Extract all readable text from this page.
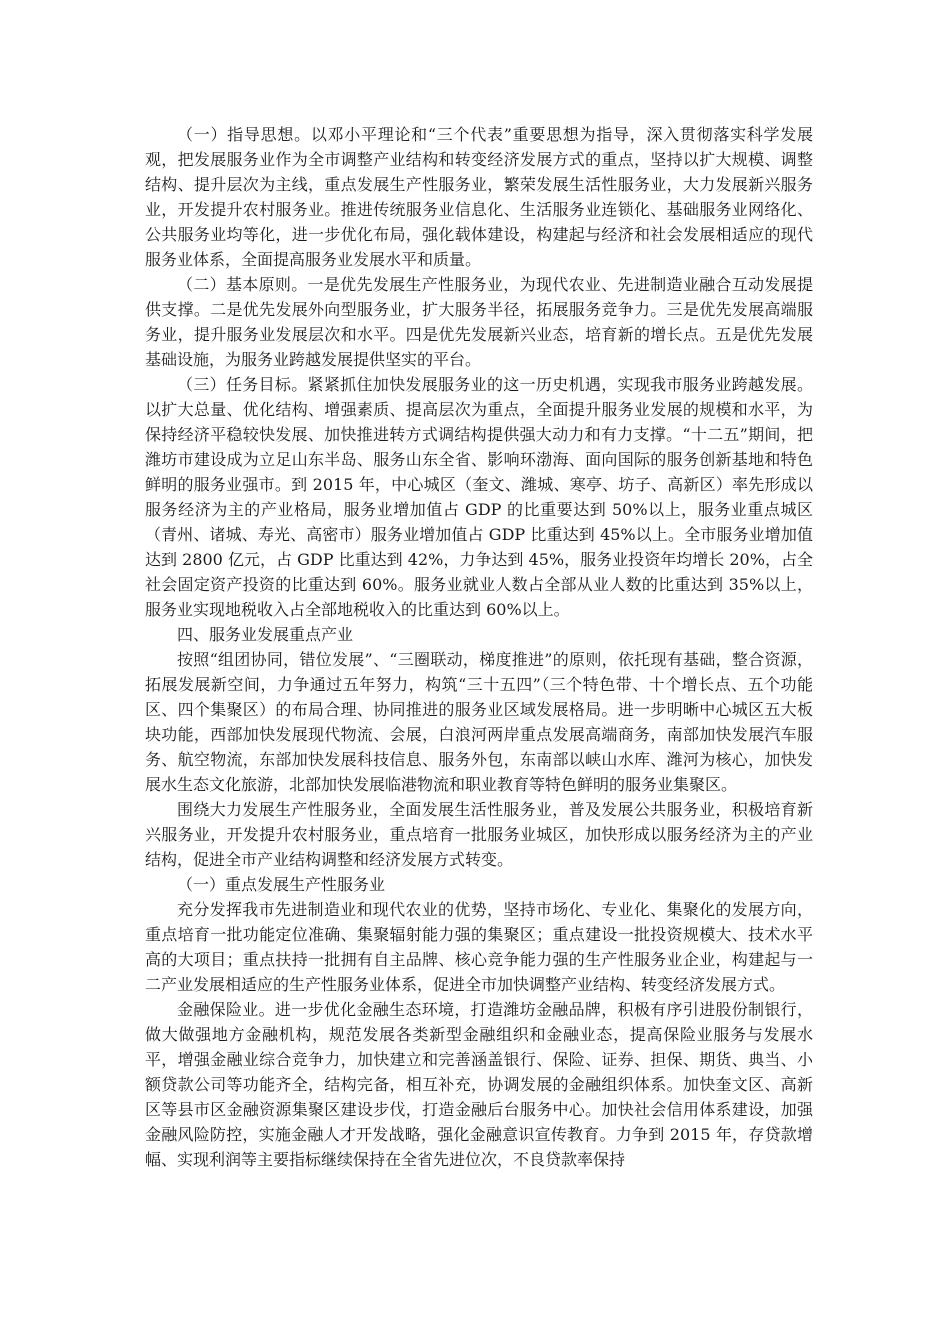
（一）指导思想。以邓小平理论和“三个代表”重要思想为指导，深入贯彻落实科学发展观，把发展服务业作为全市调整产业结构和转变经济发展方式的重点，坚持以扩大规模、调整结构、提升层次为主线，重点发展生产性服务业，繁荣发展生活性服务业，大力发展新兴服务业，开发提升农村服务业。推进传统服务业信息化、生活服务业连锁化、基础服务业网络化、公共服务业均等化，进一步优化布局，强化载体建设，构建起与经济和社会发展相适应的现代服务业体系，全面提高服务业发展水平和质量。

（二）基本原则。一是优先发展生产性服务业，为现代农业、先进制造业融合互动发展提供支撑。二是优先发展外向型服务业，扩大服务半径，拓展服务竞争力。三是优先发展高端服务业，提升服务业发展层次和水平。四是优先发展新兴业态，培育新的增长点。五是优先发展基础设施，为服务业跨越发展提供坚实的平台。

（三）任务目标。紧紧抓住加快发展服务业的这一历史机遇，实现我市服务业跨越发展。以扩大总量、优化结构、增强素质、提高层次为重点，全面提升服务业发展的规模和水平，为保持经济平稳较快发展、加快推进转方式调结构提供强大动力和有力支撑。“十二五”期间，把潍坊市建设成为立足山东半岛、服务山东全省、影响环渤海、面向国际的服务创新基地和特色鲜明的服务业强市。到 2015 年，中心城区（奎文、潍城、寒亭、坊子、高新区）率先形成以服务经济为主的产业格局，服务业增加值占 GDP 的比重要达到 50%以上，服务业重点城区（青州、诸城、寿光、高密市）服务业增加值占 GDP 比重达到 45%以上。全市服务业增加值达到 2800 亿元，占 GDP 比重达到 42%，力争达到 45%，服务业投资年均增长 20%，占全社会固定资产投资的比重达到 60%。服务业就业人数占全部从业人数的比重达到 35%以上，服务业实现地税收入占全部地税收入的比重达到 60%以上。

四、服务业发展重点产业

按照“组团协同，错位发展”、“三圈联动，梯度推进”的原则，依托现有基础，整合资源，拓展发展新空间，力争通过五年努力，构筑“三十五四”（三个特色带、十个增长点、五个功能区、四个集聚区）的布局合理、协同推进的服务业区域发展格局。进一步明晰中心城区五大板块功能，西部加快发展现代物流、会展，白浪河两岸重点发展高端商务，南部加快发展汽车服务、航空物流，东部加快发展科技信息、服务外包，东南部以峡山水库、潍河为核心，加快发展水生态文化旅游，北部加快发展临港物流和职业教育等特色鲜明的服务业集聚区。

围绕大力发展生产性服务业，全面发展生活性服务业，普及发展公共服务业，积极培育新兴服务业，开发提升农村服务业，重点培育一批服务业城区，加快形成以服务经济为主的产业结构，促进全市产业结构调整和经济发展方式转变。

（一）重点发展生产性服务业

充分发挥我市先进制造业和现代农业的优势，坚持市场化、专业化、集聚化的发展方向，重点培育一批功能定位准确、集聚辐射能力强的集聚区；重点建设一批投资规模大、技术水平高的大项目；重点扶持一批拥有自主品牌、核心竞争能力强的生产性服务业企业，构建起与一二产业发展相适应的生产性服务业体系，促进全市加快调整产业结构、转变经济发展方式。

金融保险业。进一步优化金融生态环境，打造潍坊金融品牌，积极有序引进股份制银行，做大做强地方金融机构，规范发展各类新型金融组织和金融业态，提高保险业服务与发展水平，增强金融业综合竞争力，加快建立和完善涵盖银行、保险、证券、担保、期货、典当、小额贷款公司等功能齐全，结构完备，相互补充，协调发展的金融组织体系。加快奎文区、高新区等县市区金融资源集聚区建设步伐，打造金融后台服务中心。加快社会信用体系建设，加强金融风险防控，实施金融人才开发战略，强化金融意识宣传教育。力争到 2015 年，存贷款增幅、实现利润等主要指标继续保持在全省先进位次，不良贷款率保持
